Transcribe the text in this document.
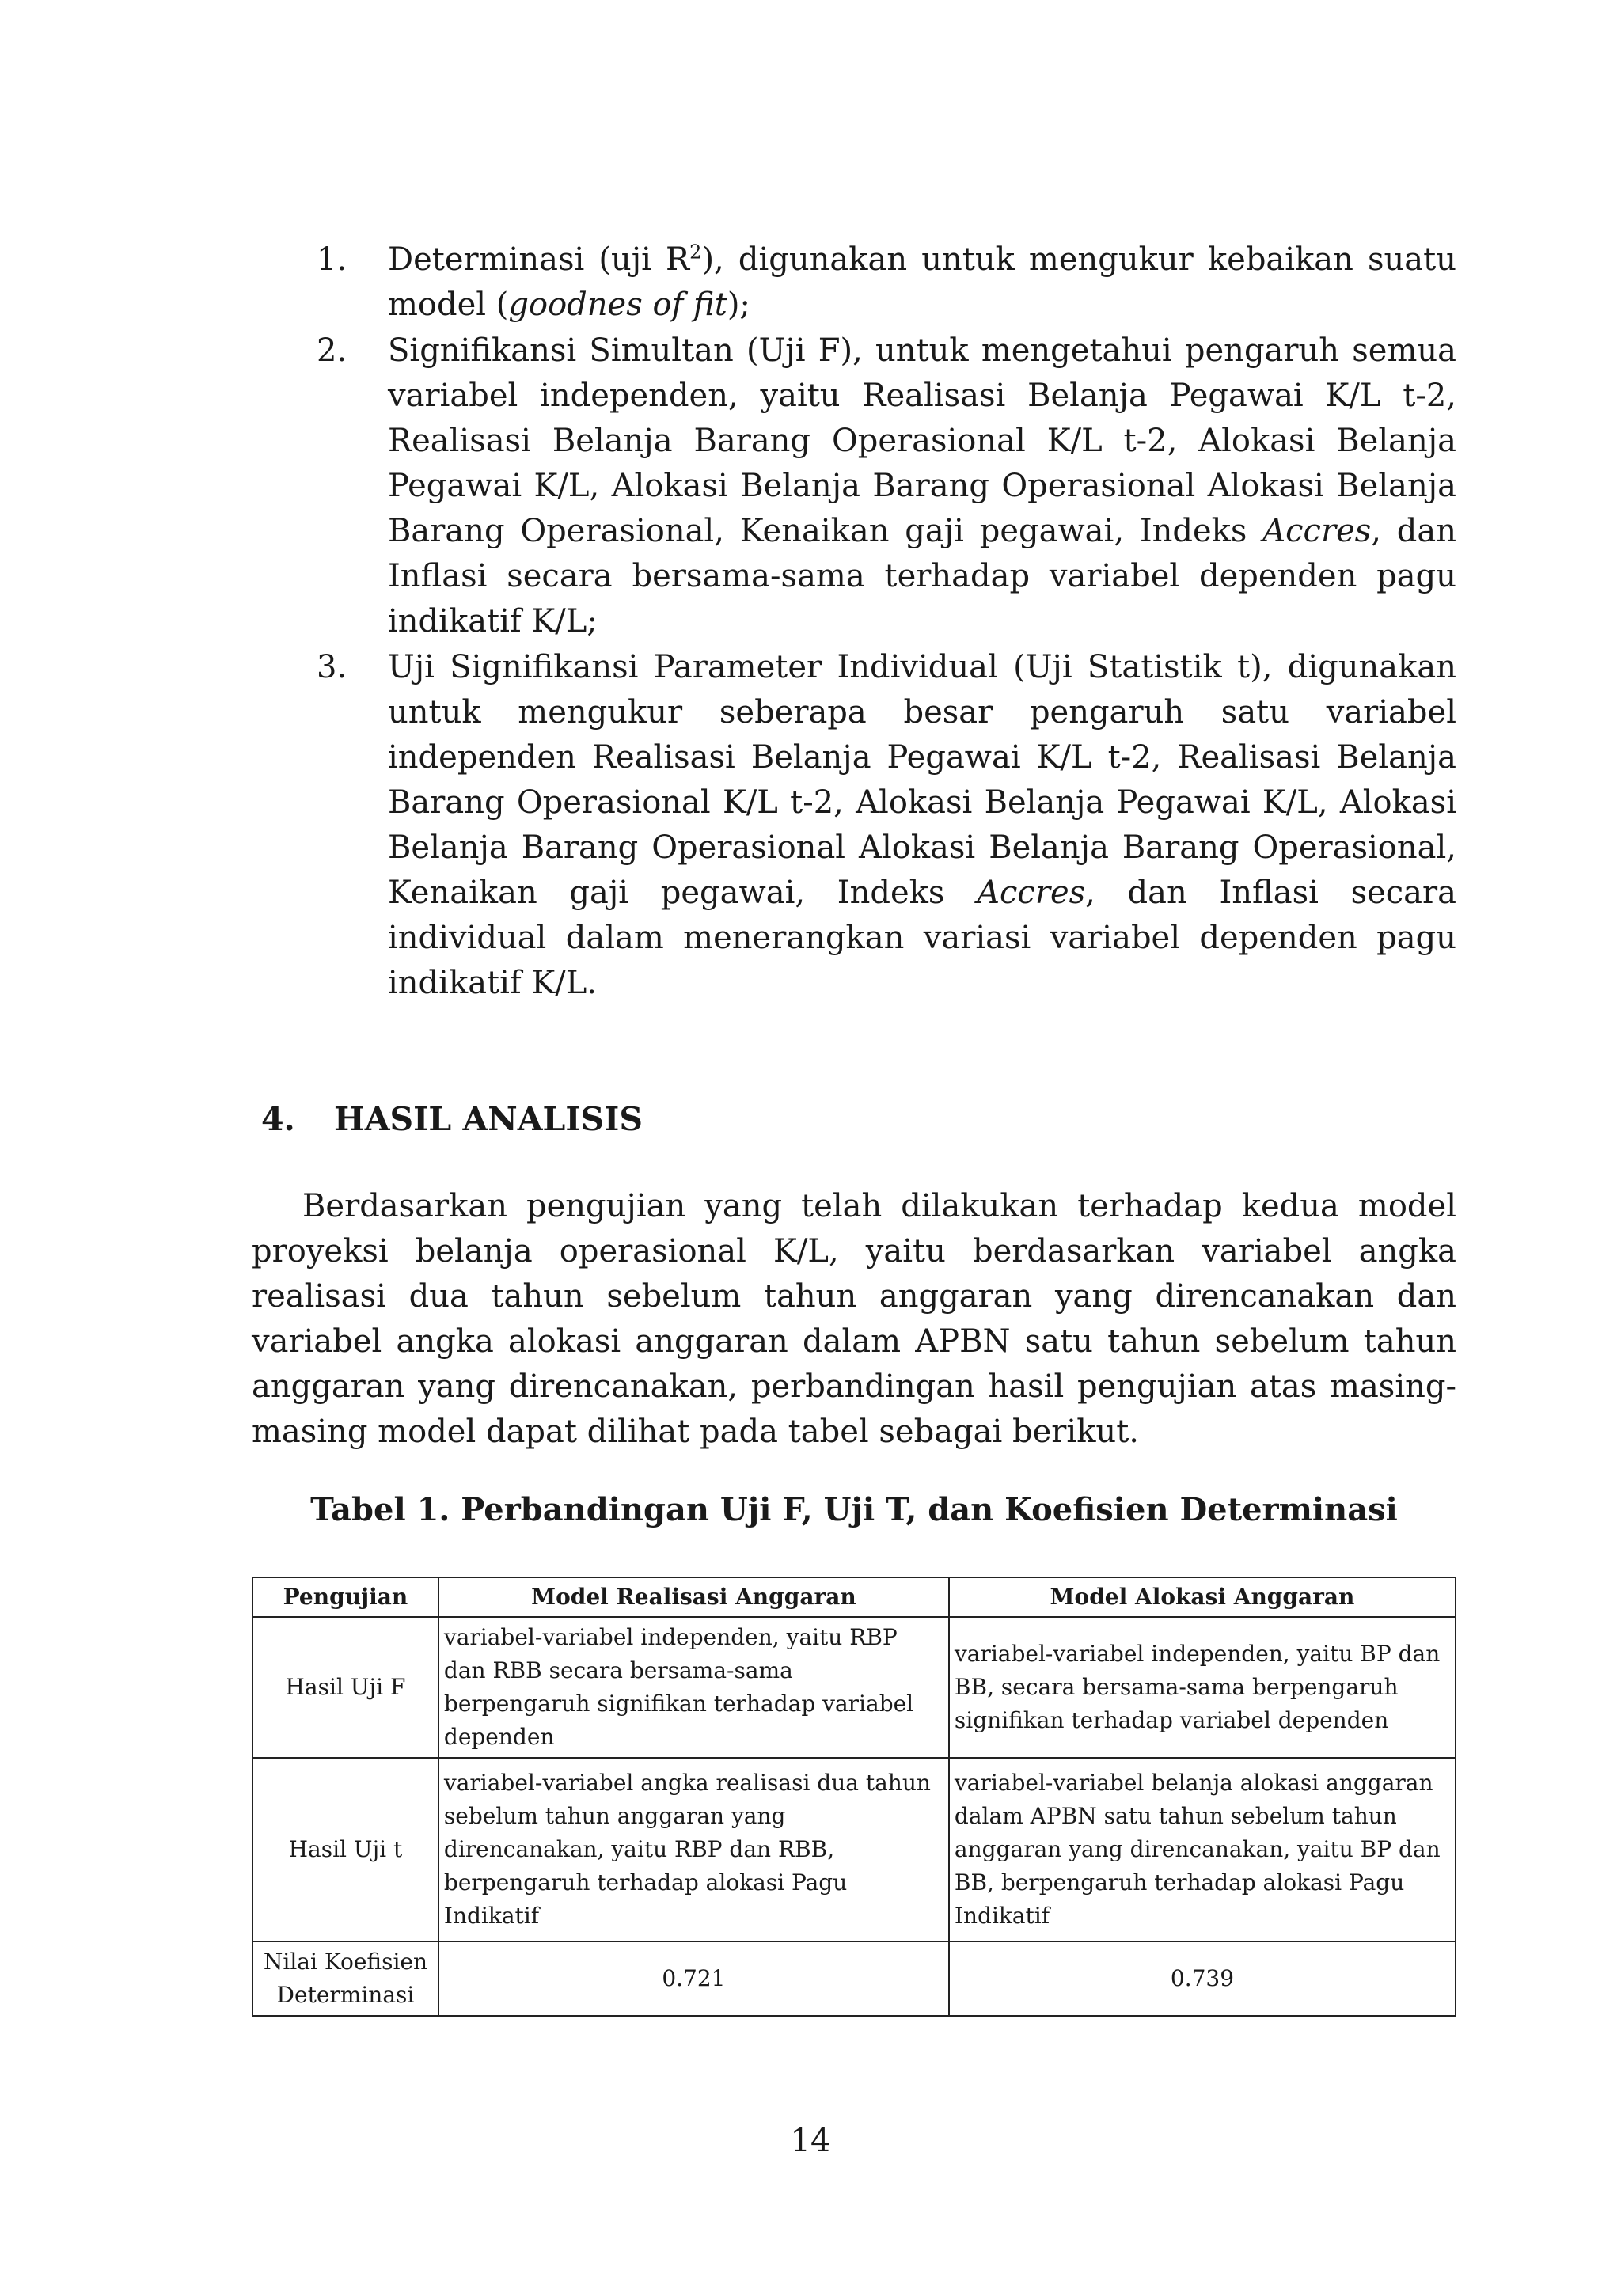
1. Determinasi (uji $R^2$), digunakan untuk mengukur kebaikan suatu model (goodnes of fit);
2. Signifikansi Simultan (Uji F), untuk mengetahui pengaruh semua variabel independen, yaitu Realisasi Belanja Pegawai K/L t-2, Realisasi Belanja Barang Operasional K/L t-2, Alokasi Belanja Pegawai K/L, Alokasi Belanja Barang Operasional Alokasi Belanja Barang Operasional, Kenaikan gaji pegawai, Indeks Accres, dan Inflasi secara bersama-sama terhadap variabel dependen pagu indikatif K/L;
3. Uji Signifikansi Parameter Individual (Uji Statistik t), digunakan untuk mengukur seberapa besar pengaruh satu variabel independen Realisasi Belanja Pegawai K/L t-2, Realisasi Belanja Barang Operasional K/L t-2, Alokasi Belanja Pegawai K/L, Alokasi Belanja Barang Operasional Alokasi Belanja Barang Operasional, Kenaikan gaji pegawai, Indeks Accres, dan Inflasi secara individual dalam menerangkan variasi variabel dependen pagu indikatif K/L.
4. HASIL ANALISIS

Berdasarkan pengujian yang telah dilakukan terhadap kedua model proyeksi belanja operasional K/L, yaitu berdasarkan variabel angka realisasi dua tahun sebelum tahun anggaran yang direncanakan dan variabel angka alokasi anggaran dalam APBN satu tahun sebelum tahun anggaran yang direncanakan, perbandingan hasil pengujian atas masing-masing model dapat dilihat pada tabel sebagai berikut.

Tabel 1. Perbandingan Uji F, Uji T, dan Koefisien Determinasi

Pengujian	Model Realisasi Anggaran	Model Alokasi Anggaran
Hasil Uji F	variabel-variabel independen, yaitu RBP dan RBB secara bersama-sama berpengaruh signifikan terhadap variabel dependen	variabel-variabel independen, yaitu BP dan BB, secara bersama-sama berpengaruh signifikan terhadap variabel dependen
Hasil Uji t	variabel-variabel angka realisasi dua tahun sebelum tahun anggaran yang direncanakan, yaitu RBP dan RBB, berpengaruh terhadap alokasi Pagu Indikatif	variabel-variabel belanja alokasi anggaran dalam APBN satu tahun sebelum tahun anggaran yang direncanakan, yaitu BP dan BB, berpengaruh terhadap alokasi Pagu Indikatif
Nilai Koefisien Determinasi	0.721	0.739

14
